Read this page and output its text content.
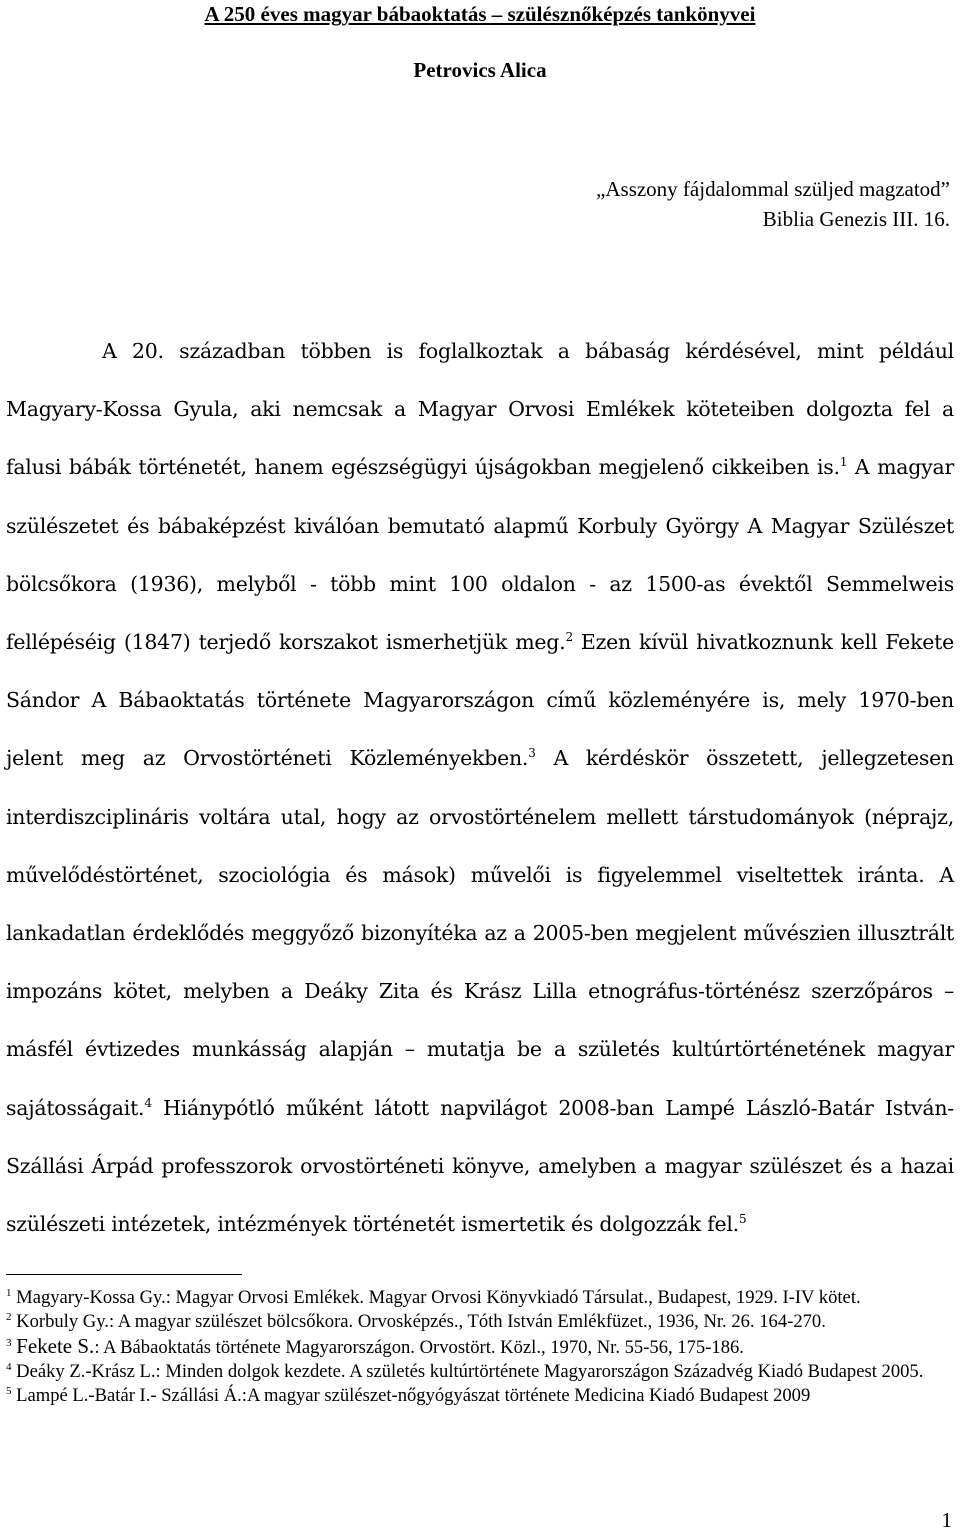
A 250 éves magyar bábaoktatás – szülésznőképzés tankönyvei
Petrovics Alica
„Asszony fájdalommal szüljed magzatod”
Biblia Genezis III. 16.
A 20. században többen is foglalkoztak a bábaság kérdésével, mint például Magyary-Kossa Gyula, aki nemcsak a Magyar Orvosi Emlékek köteteiben dolgozta fel a falusi bábák történetét, hanem egészségügyi újságokban megjelenő cikkeiben is.$^1$ A magyar szülészetet és bábaképzést kiválóan bemutató alapmű Korbuly György A Magyar Szülészet bölcsőkora (1936), melyből - több mint 100 oldalon - az 1500-as évektől Semmelweis fellépéséig (1847) terjedő korszakot ismerhetjük meg.$^2$ Ezen kívül hivatkoznunk kell Fekete Sándor A Bábaoktatás története Magyarországon című közleményére is, mely 1970-ben jelent meg az Orvostörténeti Közleményekben.$^3$ A kérdéskör összetett, jellegzetesen interdiszciplináris voltára utal, hogy az orvostörténelem mellett társtudományok (néprajz, művelődéstörténet, szociológia és mások) művelői is figyelemmel viseltettek iránta. A lankadatlan érdeklődés meggyőző bizonyítéka az a 2005-ben megjelent művészien illusztrált impozáns kötet, melyben a Deáky Zita és Krász Lilla etnográfus-történész szerzőpáros – másfél évtizedes munkásság alapján – mutatja be a születés kultúrtörténetének magyar sajátosságait.$^4$ Hiánypótló műként látott napvilágot 2008-ban Lampé László-Batár István-Szállási Árpád professzorok orvostörténeti könyve, amelyben a magyar szülészet és a hazai szülészeti intézetek, intézmények történetét ismertetik és dolgozzák fel.$^5$

$^1$ Magyary-Kossa Gy.: Magyar Orvosi Emlékek. Magyar Orvosi Könyvkiadó Társulat., Budapest, 1929. I-IV kötet.

$^2$ Korbuly Gy.: A magyar szülészet bölcsőkora. Orvosképzés., Tóth István Emlékfüzet., 1936, Nr. 26. 164-270.

$^3$ Fekete S.: A Bábaoktatás története Magyarországon. Orvostört. Közl., 1970, Nr. 55-56, 175-186.

$^4$ Deáky Z.-Krász L.: Minden dolgok kezdete. A születés kultúrtörténete Magyarországon Századvég Kiadó Budapest 2005.

$^5$ Lampé L.-Batár I.- Szállási Á.:A magyar szülészet-nőgyógyászat története Medicina Kiadó Budapest 2009

1
